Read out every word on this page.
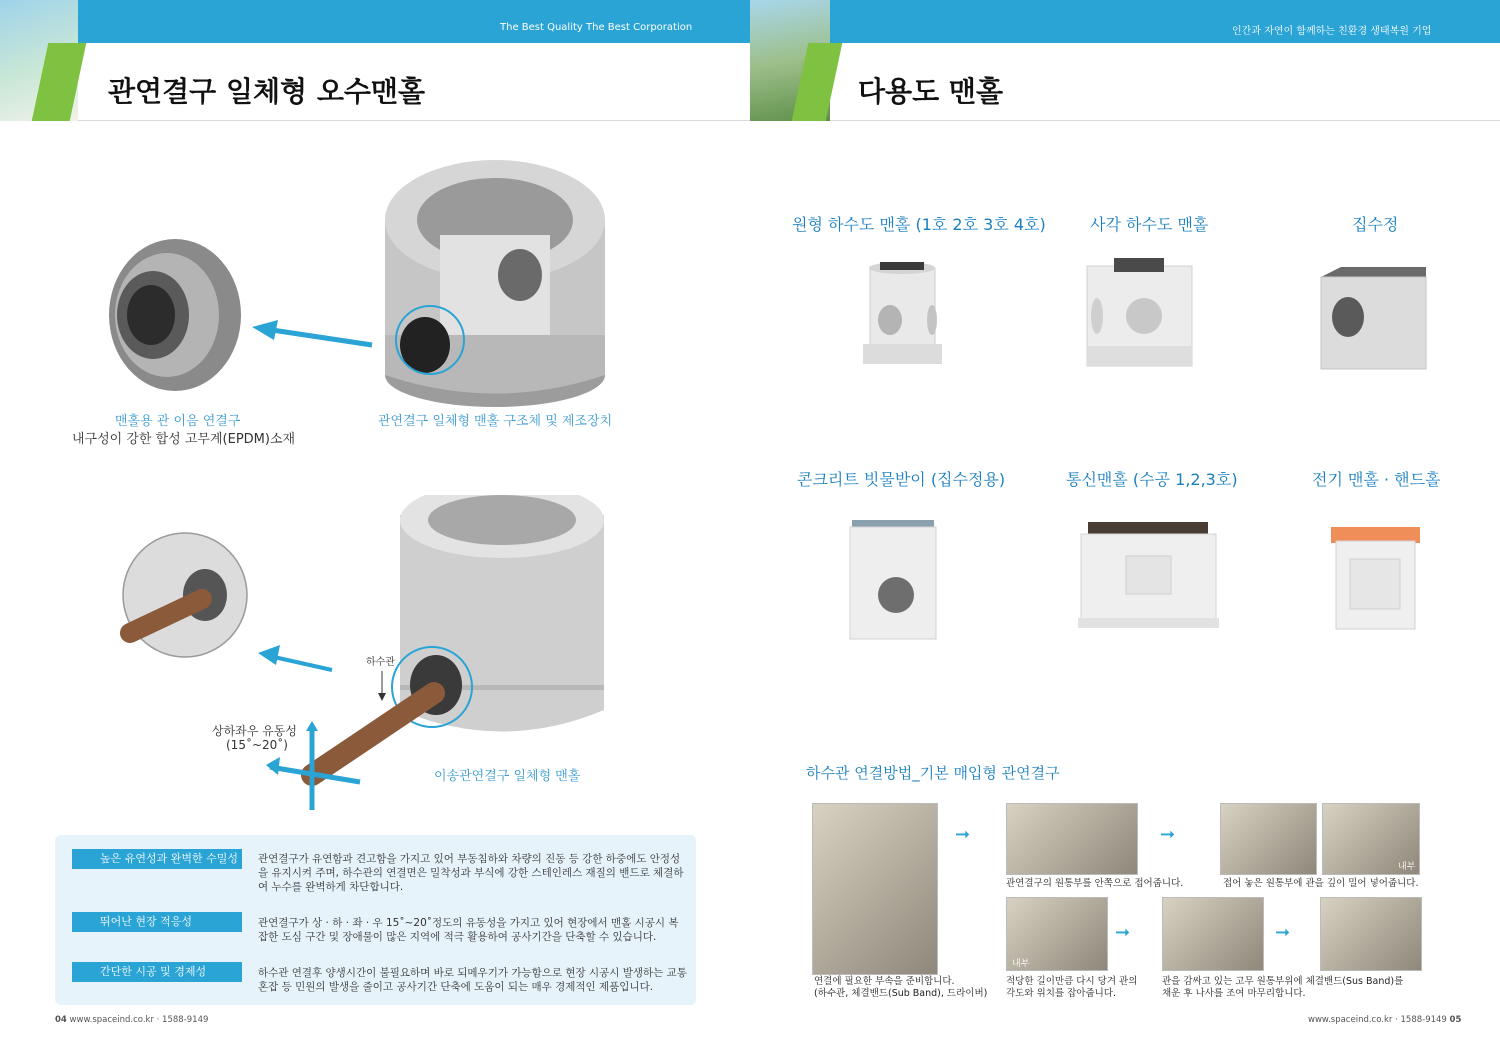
The Best Quality The Best Corporation
관연결구 일체형 오수맨홀
인간과 자연이 함께하는 친환경 생태복원 기업
다용도 맨홀
맨홀용 관 이음 연결구
내구성이 강한 합성 고무계(EPDM)소재
관연결구 일체형 맨홀 구조체 및 제조장치
하수관
상하좌우 유동성
(15˚~20˚)
이송관연결구 일체형 맨홀
높은 유연성과 완벽한 수밀성	관연결구가 유연함과 견고함을 가지고 있어 부동침하와 차량의 진동 등 강한 하중에도 안정성을 유지시켜 주며, 하수관의 연결면은 밀착성과 부식에 강한 스테인레스 재질의 밴드로 체결하여 누수를 완벽하게 차단합니다.
뛰어난 현장 적응성	관연결구가 상 · 하 · 좌 · 우 15˚~20˚정도의 유동성을 가지고 있어 현장에서 맨홀 시공시 복잡한 도심 구간 및 장애물이 많은 지역에 적극 활용하여 공사기간을 단축할 수 있습니다.
간단한 시공 및 경제성	하수관 연결후 양생시간이 불필요하며 바로 되메우기가 가능함으로 현장 시공시 발생하는 교통 혼잡 등 민원의 발생을 줄이고 공사기간 단축에 도움이 되는 매우 경제적인 제품입니다.
04 www.spaceind.co.kr · 1588-9149
원형 하수도 맨홀 (1호 2호 3호 4호)	사각 하수도 맨홀	집수정
콘크리트 빗물받이 (집수정용)	통신맨홀 (수공 1,2,3호)	전기 맨홀 · 핸드홀
하수관 연결방법_기본 매입형 관연결구
➞	➞
내부
관연결구의 원통부를 안쪽으로 접어줍니다.	접어 놓은 원통부에 관을 깊이 밀어 넣어줍니다.
내부
➞	➞
연결에 필요한 부속을 준비합니다.
(하수관, 체결밴드(Sub Band), 드라이버)
적당한 길이만큼 다시 당겨 관의
각도와 위치를 잡아줍니다.
관을 감싸고 있는 고무 원통부위에 체결밴드(Sus Band)를
채운 후 나사를 조여 마무리합니다.
www.spaceind.co.kr · 1588-9149 05
